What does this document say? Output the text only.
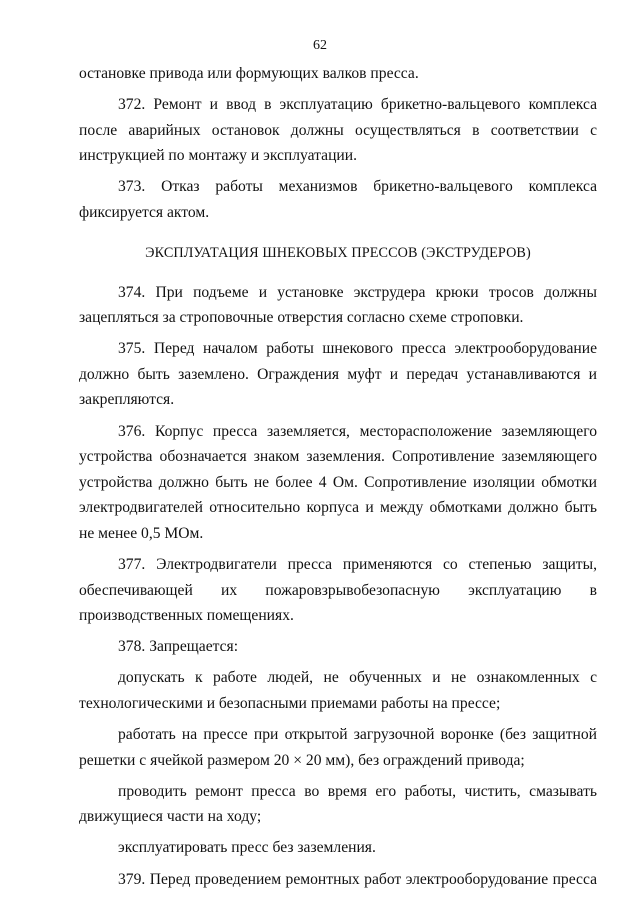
62

остановке привода или формующих валков пресса.

372. Ремонт и ввод в эксплуатацию брикетно-вальцевого комплекса после аварийных остановок должны осуществляться в соответствии с инструкцией по монтажу и эксплуатации.

373. Отказ работы механизмов брикетно-вальцевого комплекса фиксируется актом.

ЭКСПЛУАТАЦИЯ ШНЕКОВЫХ ПРЕССОВ (ЭКСТРУДЕРОВ)

374. При подъеме и установке экструдера крюки тросов должны зацепляться за строповочные отверстия согласно схеме строповки.

375. Перед началом работы шнекового пресса электрооборудование должно быть заземлено. Ограждения муфт и передач устанавливаются и закрепляются.

376. Корпус пресса заземляется, месторасположение заземляющего устройства обозначается знаком заземления. Сопротивление заземляющего устройства должно быть не более 4 Ом. Сопротивление изоляции обмотки электродвигателей относительно корпуса и между обмотками должно быть не менее 0,5 МОм.

377. Электродвигатели пресса применяются со степенью защиты, обеспечивающей их пожаровзрывобезопасную эксплуатацию в производственных помещениях.

378. Запрещается:

допускать к работе людей, не обученных и не ознакомленных с технологическими и безопасными приемами работы на прессе;

работать на прессе при открытой загрузочной воронке (без защитной решетки с ячейкой размером 20 × 20 мм), без ограждений привода;

проводить ремонт пресса во время его работы, чистить, смазывать движущиеся части на ходу;

эксплуатировать пресс без заземления.

379. Перед проведением ремонтных работ электрооборудование пресса
